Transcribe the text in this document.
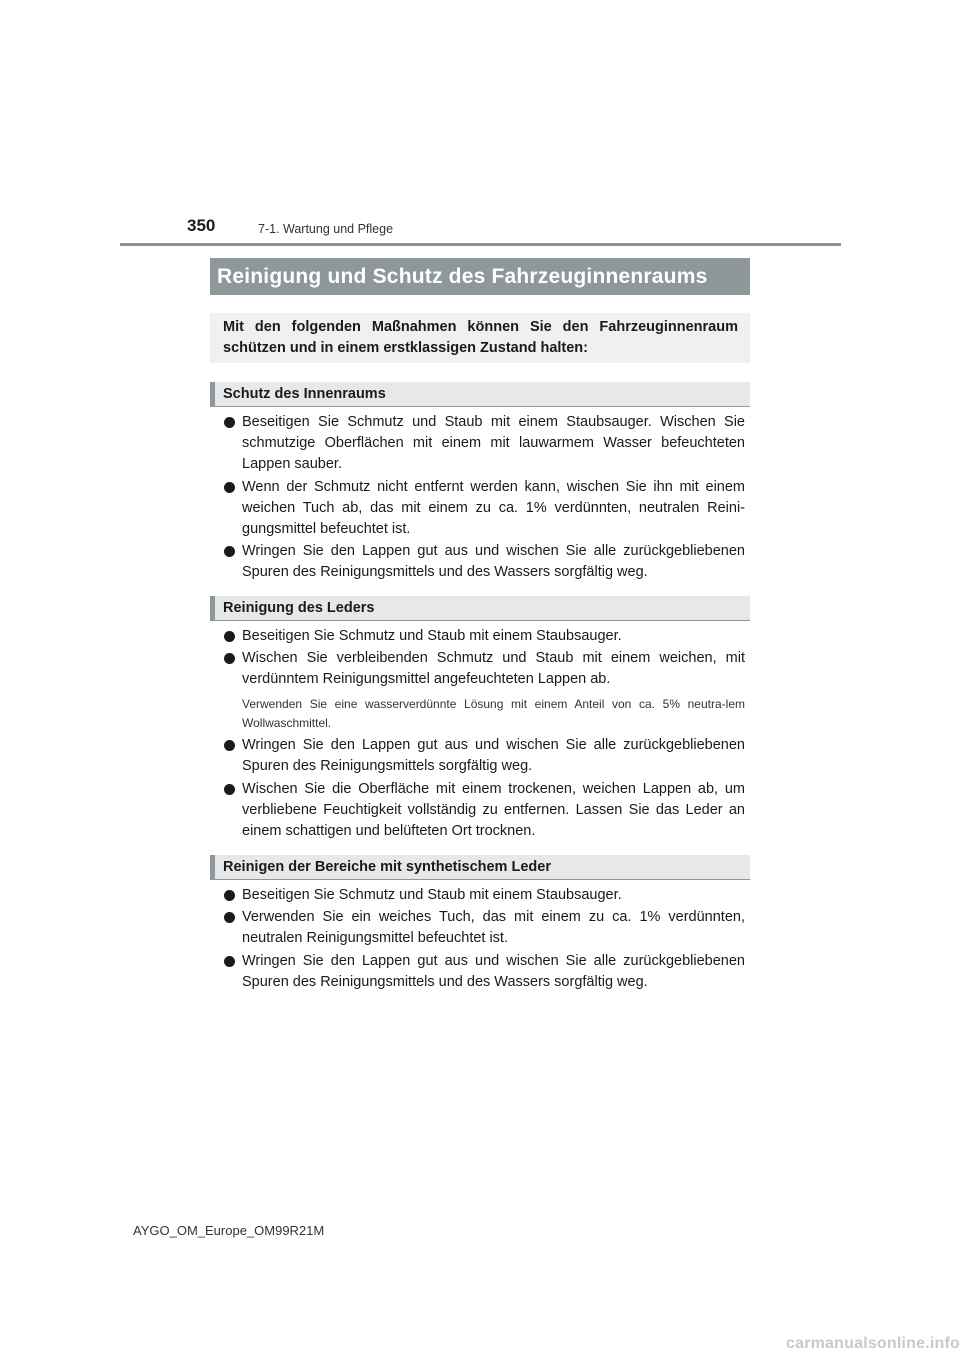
350	7-1. Wartung und Pflege
Reinigung und Schutz des Fahrzeuginnenraums
Mit den folgenden Maßnahmen können Sie den Fahrzeuginnenraum schützen und in einem erstklassigen Zustand halten:
Schutz des Innenraums
Beseitigen Sie Schmutz und Staub mit einem Staubsauger. Wischen Sie schmutzige Oberflächen mit einem mit lauwarmem Wasser befeuchteten Lappen sauber.
Wenn der Schmutz nicht entfernt werden kann, wischen Sie ihn mit einem weichen Tuch ab, das mit einem zu ca. 1% verdünnten, neutralen Reini-gungsmittel befeuchtet ist.
Wringen Sie den Lappen gut aus und wischen Sie alle zurückgebliebenen Spuren des Reinigungsmittels und des Wassers sorgfältig weg.
Reinigung des Leders
Beseitigen Sie Schmutz und Staub mit einem Staubsauger.
Wischen Sie verbleibenden Schmutz und Staub mit einem weichen, mit verdünntem Reinigungsmittel angefeuchteten Lappen ab.
Verwenden Sie eine wasserverdünnte Lösung mit einem Anteil von ca. 5% neutra-lem Wollwaschmittel.
Wringen Sie den Lappen gut aus und wischen Sie alle zurückgebliebenen Spuren des Reinigungsmittels sorgfältig weg.
Wischen Sie die Oberfläche mit einem trockenen, weichen Lappen ab, um verbliebene Feuchtigkeit vollständig zu entfernen. Lassen Sie das Leder an einem schattigen und belüfteten Ort trocknen.
Reinigen der Bereiche mit synthetischem Leder
Beseitigen Sie Schmutz und Staub mit einem Staubsauger.
Verwenden Sie ein weiches Tuch, das mit einem zu ca. 1% verdünnten, neutralen Reinigungsmittel befeuchtet ist.
Wringen Sie den Lappen gut aus und wischen Sie alle zurückgebliebenen Spuren des Reinigungsmittels und des Wassers sorgfältig weg.
AYGO_OM_Europe_OM99R21M
carmanualsonline.info
